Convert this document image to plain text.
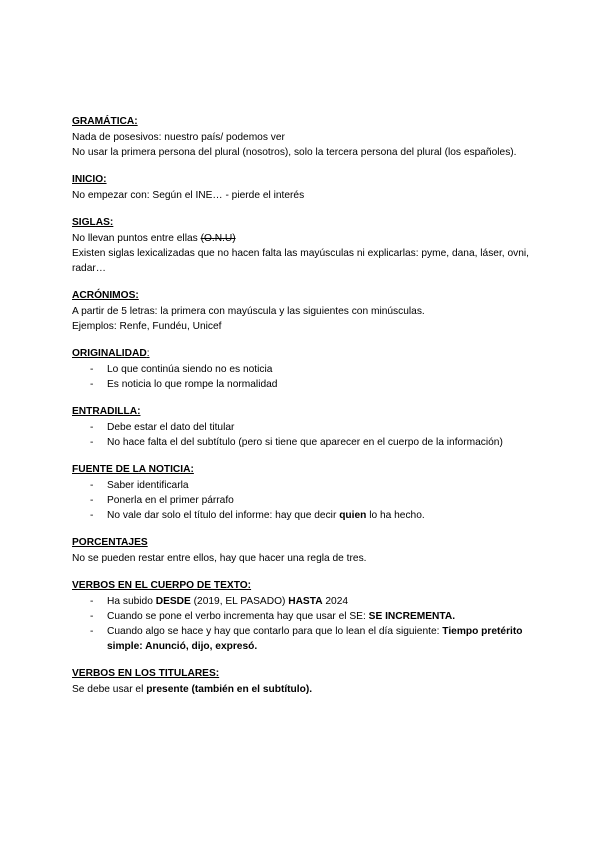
GRAMÁTICA:

Nada de posesivos: nuestro país/ podemos ver

No usar la primera persona del plural (nosotros), solo la tercera persona del plural (los españoles).

INICIO:

No empezar con: Según el INE… - pierde el interés

SIGLAS:

No llevan puntos entre ellas (O.N.U)

Existen siglas lexicalizadas que no hacen falta las mayúsculas ni explicarlas: pyme, dana, láser, ovni, radar…

ACRÓNIMOS:

A partir de 5 letras: la primera con mayúscula y las siguientes con minúsculas.

Ejemplos: Renfe, Fundéu, Unicef

ORIGINALIDAD:
- Lo que continúa siendo no es noticia
- Es noticia lo que rompe la normalidad
ENTRADILLA:
- Debe estar el dato del titular
- No hace falta el del subtítulo (pero si tiene que aparecer en el cuerpo de la información)
FUENTE DE LA NOTICIA:
- Saber identificarla
- Ponerla en el primer párrafo
- No vale dar solo el título del informe: hay que decir quien lo ha hecho.
PORCENTAJES

No se pueden restar entre ellos, hay que hacer una regla de tres.

VERBOS EN EL CUERPO DE TEXTO:
- Ha subido DESDE (2019, EL PASADO) HASTA 2024
- Cuando se pone el verbo incrementa hay que usar el SE: SE INCREMENTA.
- Cuando algo se hace y hay que contarlo para que lo lean el día siguiente: Tiempo pretérito simple: Anunció, dijo, expresó.
VERBOS EN LOS TITULARES:

Se debe usar el presente (también en el subtítulo).
